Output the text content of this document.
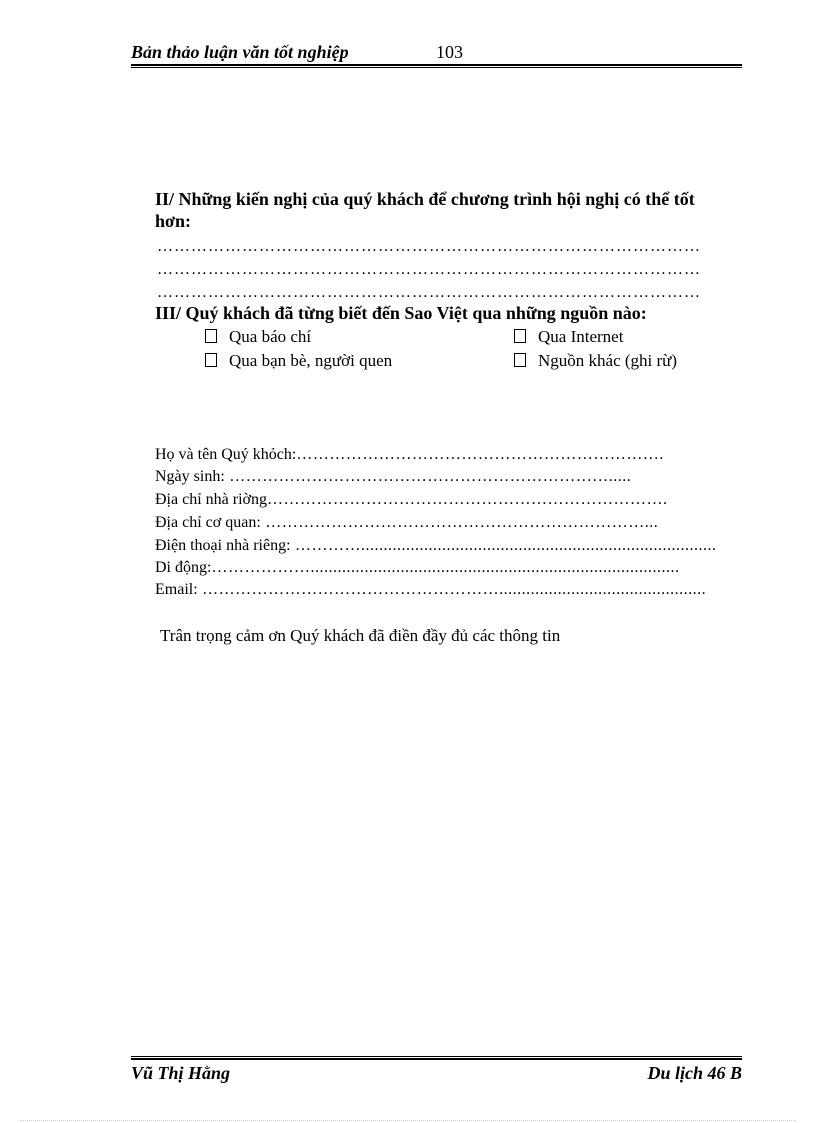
Bản thảo luận văn tốt nghiệp	103
II/ Những kiến nghị của quý khách để chương trình hội nghị có thể tốt hơn:
……………………………………………………………………………………
……………………………………………………………………………………
……………………………………………………………………………………
III/ Quý khách đã từng biết đến Sao Việt qua những nguồn nào:
Qua báo chí	Qua Internet
Qua bạn bè, người quen	Nguồn khác (ghi rừ)
Họ và tên Quý khỏch:………………………………………………………….
Ngày sinh: …………………………………………………………….....
Địa chỉ nhà riờng……………………………………………………………….
Địa chỉ cơ quan: ……………………………………………………………...
Điện thoại nhà riêng: …………...............................................................................
Di động:………………..................................................................................
Email: ………………………………………………..............................................
Trân trọng cảm ơn Quý khách đã điền đầy đủ các thông tin
Vũ Thị Hằng	Du lịch 46 B
